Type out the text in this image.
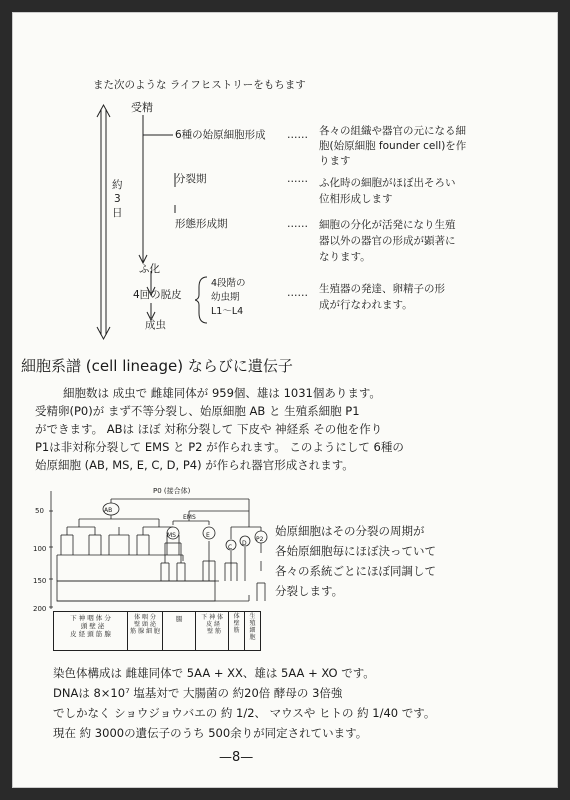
また次のような ライフヒストリーをもちます
受精
約
3
日
6種の始原細胞形成
分裂期
形態形成期
……
……
……
……
各々の組織や器官の元になる細
胞(始原細胞 founder cell)を作
ります
ふ化時の細胞がほぼ出そろい
位相形成します
細胞の分化が活発になり生殖
器以外の器官の形成が顕著に
なります。
ふ化
4回の脱皮
成虫
4段階の
幼虫期
L1〜L4
生殖器の発達、卵精子の形
成が行なわれます。
細胞系譜 (cell lineage) ならびに遺伝子
細胞数は 成虫で 雌雄同体が 959個、雄は 1031個あります。
受精卵(P0)が まず不等分裂し、始原細胞 AB と 生殖系細胞 P1
ができます。 ABは ほぼ 対称分裂して 下皮や 神経系 その他を作り
P1は非対称分裂して EMS と P2 が作られます。 このようにして 6種の
始原細胞 (AB, MS, E, C, D, P4) が作られ器官形成されます。
50
100
150
200
P0 (接合体)
AB
EMS
MS	E
C
D
P2
下 神 咽 体 分
頭 壁 泌
皮 経 頭 筋 腺
体 咽 分
壁 頭 泌
筋 腺 細 胞
腸	下 神 体
皮 経
壁 筋
体
壁
筋
生
殖
細
胞
始原細胞はその分裂の周期が
各始原細胞毎にほぼ決っていて
各々の系統ごとにほぼ同調して
分裂します。
染色体構成は 雌雄同体で 5AA + XX、雄は 5AA + XO です。
DNAは 8×10⁷ 塩基対で 大腸菌の 約20倍 酵母の 3倍強
でしかなく ショウジョウバエの 約 1/2、 マウスや ヒトの 約 1/40 です。
現在 約 3000の遺伝子のうち 500余りが同定されています。
—8—
